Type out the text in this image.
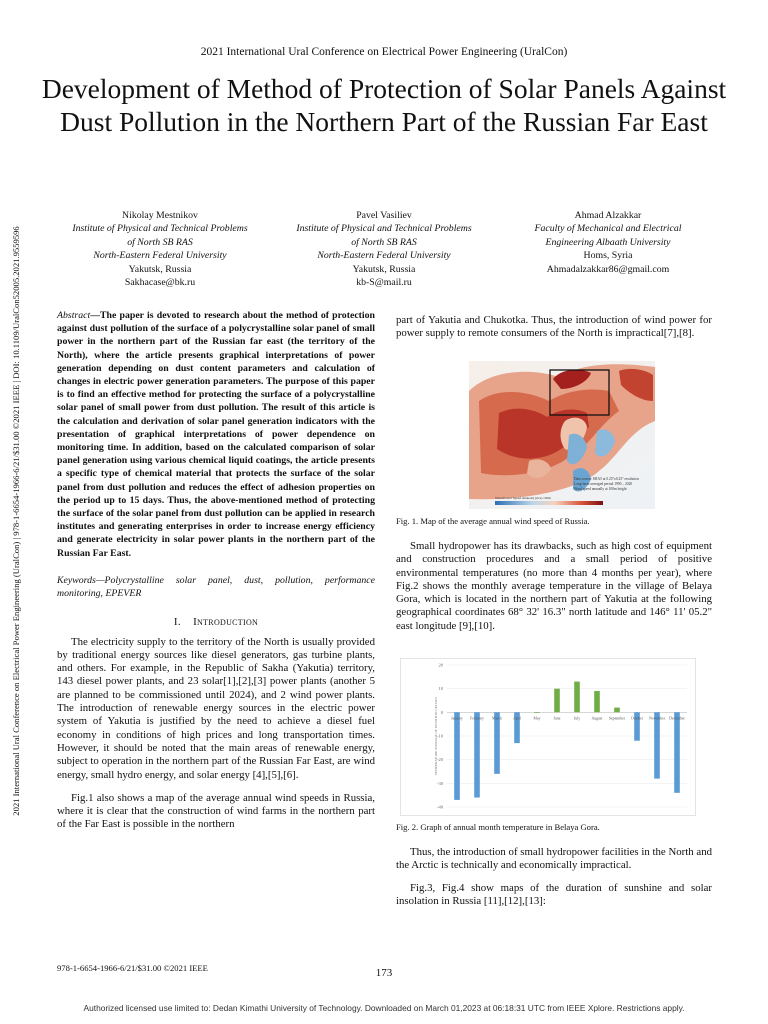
2021 International Ural Conference on Electrical Power Engineering (UralCon) | 978-1-6654-1966-6/21/$31.00 ©2021 IEEE | DOI: 10.1109/UralCon52005.2021.9559596
2021 International Ural Conference on Electrical Power Engineering (UralCon)
Development of Method of Protection of Solar Panels Against Dust Pollution in the Northern Part of the Russian Far East
Nikolay Mestnikov
Institute of Physical and Technical Problems
of North SB RAS
North-Eastern Federal University
Yakutsk, Russia
Sakhacase@bk.ru
Pavel Vasiliev
Institute of Physical and Technical Problems
of North SB RAS
North-Eastern Federal University
Yakutsk, Russia
kb-S@mail.ru
Ahmad Alzakkar
Faculty of Mechanical and Electrical
Engineering Albaath University
Homs, Syria
Ahmadalzakkar86@gmail.com
Abstract—The paper is devoted to research about the method of protection against dust pollution of the surface of a polycrystalline solar panel of small power in the northern part of the Russian far east (the territory of the North), where the article presents graphical interpretations of power generation depending on dust content parameters and calculation of changes in electric power generation parameters. The purpose of this paper is to find an effective method for protecting the surface of a polycrystalline solar panel of small power from dust pollution. The result of this article is the calculation and derivation of solar panel generation indicators with the presentation of graphical interpretations of power dependence on monitoring time. In addition, based on the calculated comparison of solar panel generation using various chemical liquid coatings, the article presents a specific type of chemical material that protects the surface of the solar panel from dust pollution and reduces the effect of adhesion properties on the period up to 15 days. Thus, the above-mentioned method of protecting the surface of the solar panel from dust pollution can be applied in research institutes and generating enterprises in order to increase energy efficiency and generate electricity in solar power plants in the northern part of the Russian Far East.
Keywords—Polycrystalline solar panel, dust, pollution, performance monitoring, EPEVER
I. Introduction

The electricity supply to the territory of the North is usually provided by traditional energy sources like diesel generators, gas turbine plants, and others. For example, in the Republic of Sakha (Yakutia) territory, 143 diesel power plants, and 23 solar[1],[2],[3] power plants (another 5 are planned to be commissioned until 2024), and 2 wind power plants. The introduction of renewable energy sources in the electric power system of Yakutia is justified by the need to achieve a diesel fuel economy in conditions of high prices and long transportation times. However, it should be noted that the main areas of renewable energy, subject to operation in the northern part of the Russian Far East, are wind energy, small hydro energy, and solar energy [4],[5],[6].

Fig.1 also shows a map of the average annual wind speeds in Russia, where it is clear that the construction of wind farms in the northern part of the Far East is possible in the northern

part of Yakutia and Chukotka. Thus, the introduction of wind power for power supply to remote consumers of the North is impractical[7],[8].

Data source: ERA5 at 0.25°x0.25° resolution
Long-term averaged period 1990 – 2020
Wind speed annually at 100m height
Wind Power Speed Annually (m/s) 100m
Fig. 1. Map of the average annual wind speed of Russia.

Small hydropower has its drawbacks, such as high cost of equipment and construction procedures and a small period of positive environmental temperatures (no more than 4 months per year), where Fig.2 shows the monthly average temperature in the village of Belaya Gora, which is located in the northern part of Yakutia at the following geographical coordinates 68° 32' 16.3" north latitude and 146° 11' 05.2" east longitude [9],[10].

TEMPERATURE AVERAGE OF MONTH IN CELSIUS
20
10
0
-10
-20
-30
-40
January February March	April	May	June	July	August September October November December
Fig. 2. Graph of annual month temperature in Belaya Gora.

Thus, the introduction of small hydropower facilities in the North and the Arctic is technically and economically impractical.

Fig.3, Fig.4 show maps of the duration of sunshine and solar insolation in Russia [11],[12],[13]:

978-1-6654-1966-6/21/$31.00 ©2021 IEEE	173
Authorized licensed use limited to: Dedan Kimathi University of Technology. Downloaded on March 01,2023 at 06:18:31 UTC from IEEE Xplore. Restrictions apply.
